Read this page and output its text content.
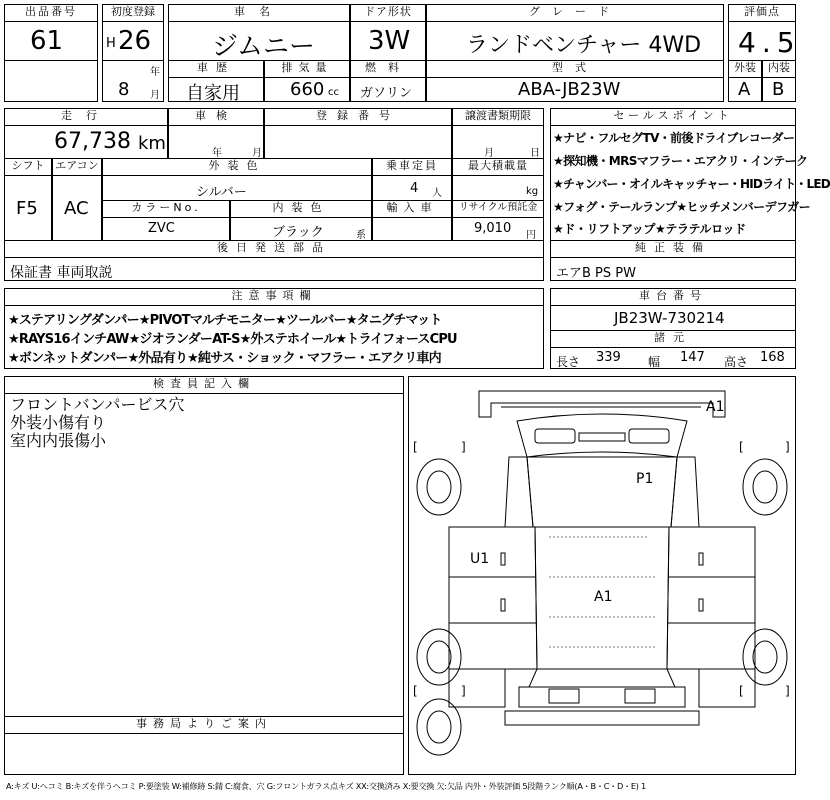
出品番号
61
初度登録
H 26
年
8 月
車名
ジムニー
ドア形状
3W
グレード
ランドベンチャー 4WD
評価点
4.5
車歴
自家用
排気量
660 cc
燃料
ガソリン
型式
ABA-JB23W
外装
A
内装
B
走行
67,738 km
車検
年	月
登録番号	譲渡書類期限
月	日
シフト
F5
エアコン
AC
外装色
シルバー
乗車定員
4 人
最大積載量
kg
カラーNo.
ZVC
内装色
ブラック	系
輸入車	リサイクル預託金
9,010 円
後日発送部品
保証書 車両取説
セールスポイント
★ナビ・フルセグTV・前後ドライブレコーダー
★探知機・MRSマフラー・エアクリ・インテーク
★チャンバー・オイルキャッチャー・HIDライト・LED
★フォグ・テールランプ★ヒッチメンバーデフガー
★ド・リフトアップ★テラテルロッド
純正装備
エアB PS PW
注意事項欄
★ステアリングダンパー★PIVOTマルチモニター★ツールバー★タニグチマット
★RAYS16インチAW★ジオランダーAT-S★外ステホイール★トライフォースCPU
★ボンネットダンパー★外品有り★純サス・ショック・マフラー・エアクリ車内
車台番号
JB23W-730214
諸元
長さ 339 幅 147 高さ 168
検査員記入欄
フロントバンパービス穴
外装小傷有り
室内内張傷小
事務局よりご案内
[	]	[	]
[	]	[	]
A1
P1
U1
A1
A:キズ U:ヘコミ B:キズを伴うヘコミ P:要塗装 W:補修跡 S:錆 C:腐食、穴 G:フロントガラス点キズ XX:交換済み X:要交換 欠:欠品 内外・外装評価 5段階ランク順(A・B・C・D・E) 1
